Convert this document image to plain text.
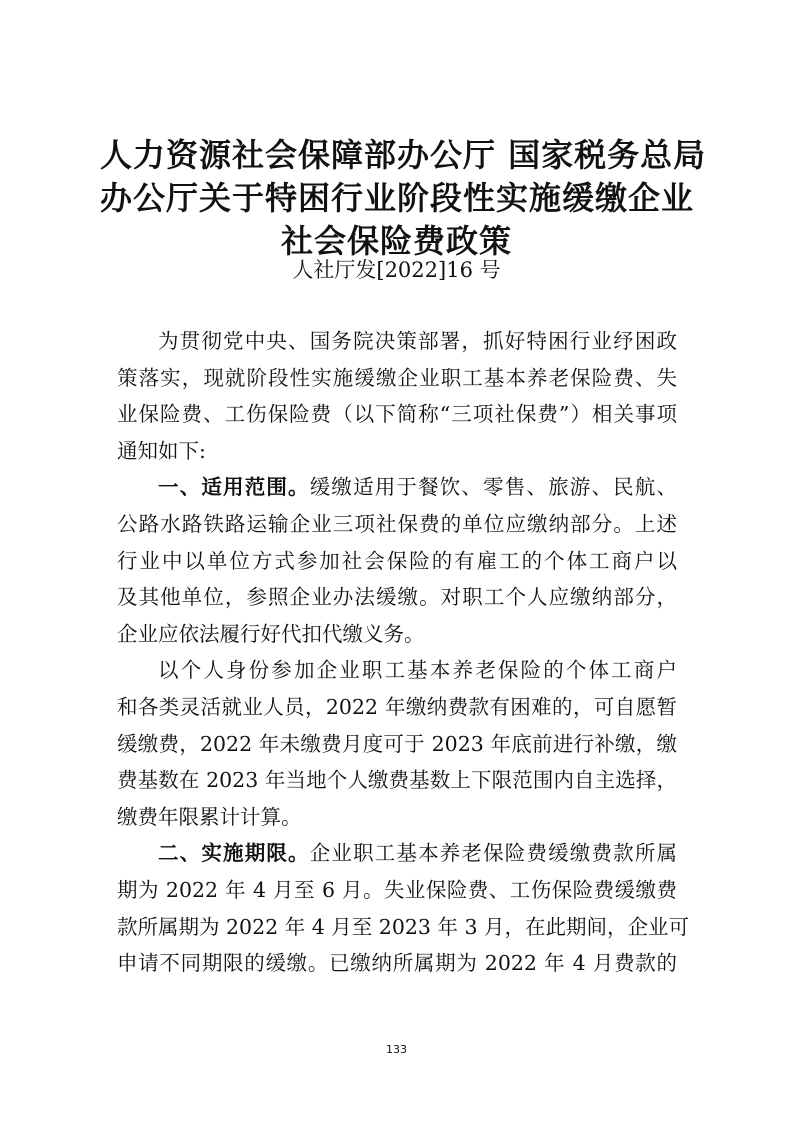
人力资源社会保障部办公厅 国家税务总局
办公厅关于特困行业阶段性实施缓缴企业
社会保险费政策
人社厅发[2022]16 号
为贯彻党中央、国务院决策部署，抓好特困行业纾困政
策落实，现就阶段性实施缓缴企业职工基本养老保险费、失
业保险费、工伤保险费（以下简称“三项社保费”）相关事项
通知如下:
一、适用范围。缓缴适用于餐饮、零售、旅游、民航、
公路水路铁路运输企业三项社保费的单位应缴纳部分。上述
行业中以单位方式参加社会保险的有雇工的个体工商户以
及其他单位，参照企业办法缓缴。对职工个人应缴纳部分，
企业应依法履行好代扣代缴义务。
以个人身份参加企业职工基本养老保险的个体工商户
和各类灵活就业人员，2022 年缴纳费款有困难的，可自愿暂
缓缴费，2022 年未缴费月度可于 2023 年底前进行补缴，缴
费基数在 2023 年当地个人缴费基数上下限范围内自主选择，
缴费年限累计计算。
二、实施期限。企业职工基本养老保险费缓缴费款所属
期为 2022 年 4 月至 6 月。失业保险费、工伤保险费缓缴费
款所属期为 2022 年 4 月至 2023 年 3 月，在此期间，企业可
申请不同期限的缓缴。已缴纳所属期为 2022 年 4 月费款的
133
